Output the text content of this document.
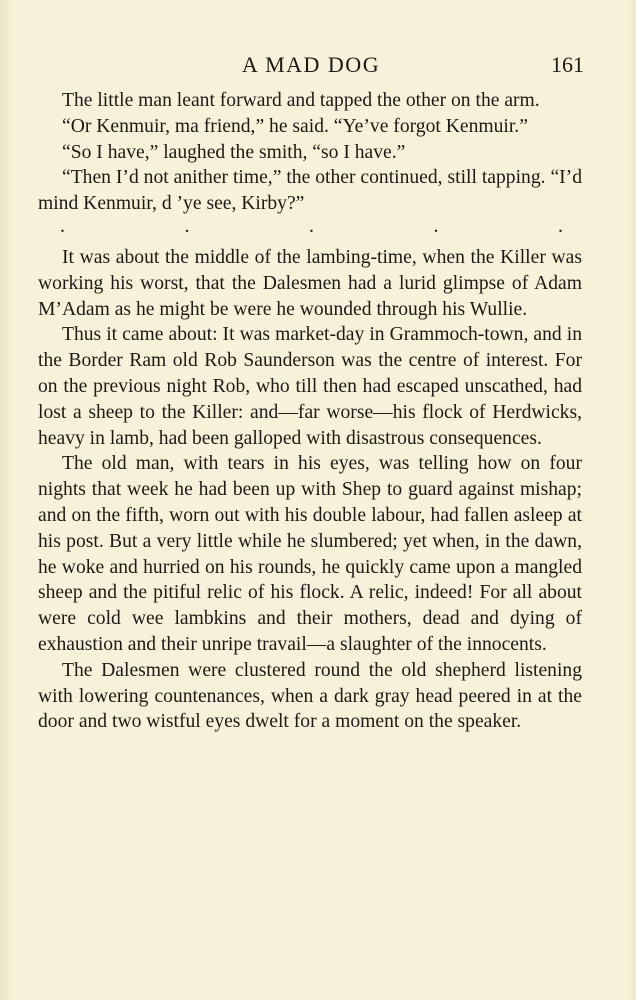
A MAD DOG	161

The little man leant forward and tapped the other on the arm.

“Or Kenmuir, ma friend,” he said. “Ye’ve forgot Kenmuir.”

“So I have,” laughed the smith, “so I have.”

“Then I’d not anither time,” the other continued, still tapping. “I’d mind Kenmuir, d ’ye see, Kirby?”

.	.	.	.	.

It was about the middle of the lambing-time, when the Killer was working his worst, that the Dalesmen had a lurid glimpse of Adam M’Adam as he might be were he wounded through his Wullie.

Thus it came about: It was market-day in Grammoch-town, and in the Border Ram old Rob Saunderson was the centre of interest. For on the previous night Rob, who till then had escaped unscathed, had lost a sheep to the Killer: and—far worse—his flock of Herdwicks, heavy in lamb, had been galloped with disastrous consequences.

The old man, with tears in his eyes, was telling how on four nights that week he had been up with Shep to guard against mishap; and on the fifth, worn out with his double labour, had fallen asleep at his post. But a very little while he slumbered; yet when, in the dawn, he woke and hurried on his rounds, he quickly came upon a mangled sheep and the pitiful relic of his flock. A relic, indeed! For all about were cold wee lambkins and their mothers, dead and dying of exhaustion and their unripe travail—a slaughter of the innocents.

The Dalesmen were clustered round the old shepherd listening with lowering countenances, when a dark gray head peered in at the door and two wistful eyes dwelt for a moment on the speaker.
